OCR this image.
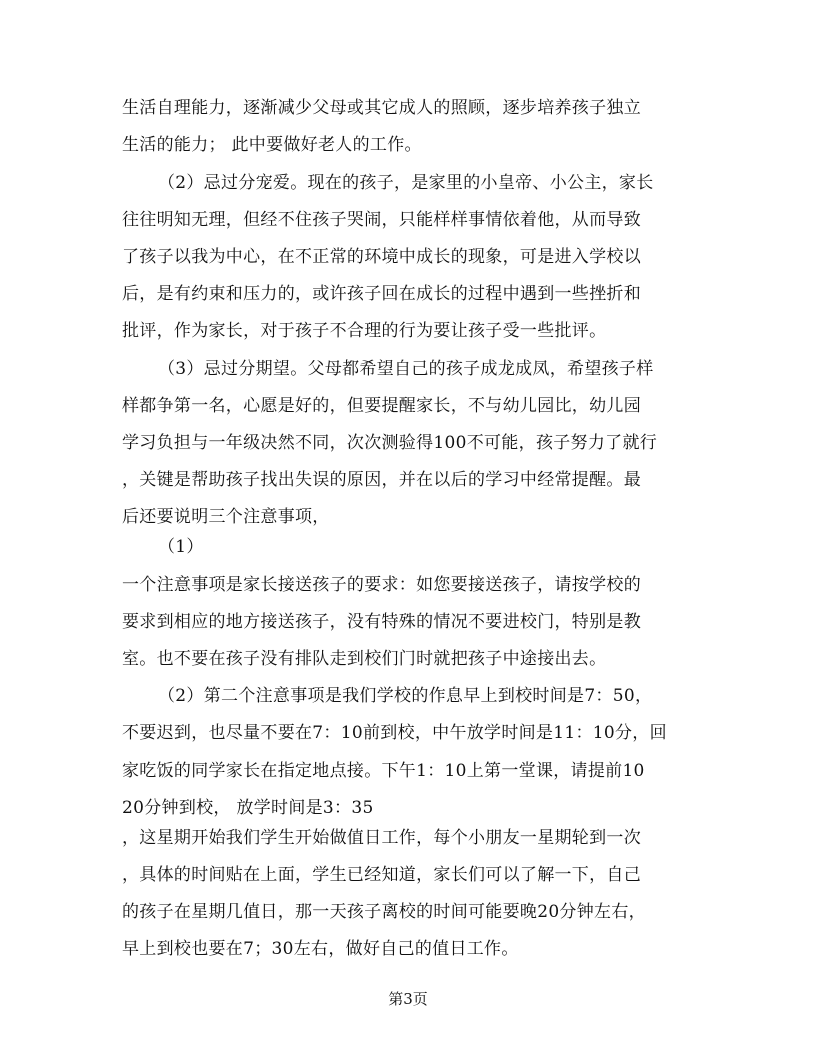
生活自理能力，逐渐减少父母或其它成人的照顾，逐步培养孩子独立
生活的能力； 此中要做好老人的工作。
（2）忌过分宠爱。现在的孩子，是家里的小皇帝、小公主，家长
往往明知无理，但经不住孩子哭闹，只能样样事情依着他，从而导致
了孩子以我为中心，在不正常的环境中成长的现象，可是进入学校以
后，是有约束和压力的，或许孩子回在成长的过程中遇到一些挫折和
批评，作为家长，对于孩子不合理的行为要让孩子受一些批评。
（3）忌过分期望。父母都希望自己的孩子成龙成凤，希望孩子样
样都争第一名，心愿是好的，但要提醒家长，不与幼儿园比，幼儿园
学习负担与一年级决然不同，次次测验得100不可能，孩子努力了就行
，关键是帮助孩子找出失误的原因，并在以后的学习中经常提醒。最
后还要说明三个注意事项，
（1）
一个注意事项是家长接送孩子的要求：如您要接送孩子，请按学校的
要求到相应的地方接送孩子，没有特殊的情况不要进校门，特别是教
室。也不要在孩子没有排队走到校们门时就把孩子中途接出去。
（2）第二个注意事项是我们学校的作息早上到校时间是7：50，
不要迟到，也尽量不要在7：10前到校，中午放学时间是11：10分，回
家吃饭的同学家长在指定地点接。下午1：10上第一堂课，请提前10
20分钟到校， 放学时间是3：35
，这星期开始我们学生开始做值日工作，每个小朋友一星期轮到一次
，具体的时间贴在上面，学生已经知道，家长们可以了解一下，自己
的孩子在星期几值日，那一天孩子离校的时间可能要晚20分钟左右，
早上到校也要在7；30左右，做好自己的值日工作。
第3页
